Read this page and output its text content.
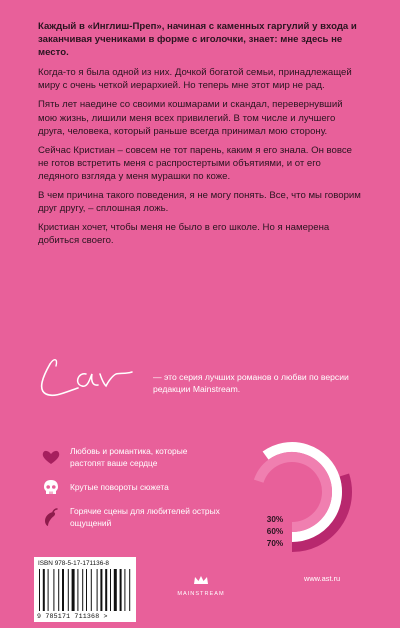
Каждый в «Инглиш-Преп», начиная с каменных гаргулий у входа и заканчивая учениками в форме с иголочки, знает: мне здесь не место.

Когда-то я была одной из них. Дочкой богатой семьи, принадлежащей миру с очень четкой иерархией. Но теперь мне этот мир не рад.

Пять лет наедине со своими кошмарами и скандал, перевернувший мою жизнь, лишили меня всех привилегий. В том числе и лучшего друга, человека, который раньше всегда принимал мою сторону.

Сейчас Кристиан – совсем не тот парень, каким я его знала. Он вовсе не готов встретить меня с распростертыми объятиями, и от его ледяного взгляда у меня мурашки по коже.

В чем причина такого поведения, я не могу понять. Все, что мы говорим друг другу, – сплошная ложь.

Кристиан хочет, чтобы меня не было в его школе. Но я намерена добиться своего.

— это серия лучших романов о любви по версии редакции Mainstream.
Любовь и романтика, которые растопят ваше сердце
Крутые повороты сюжета
Горячие сцены для любителей острых ощущений	30%
60%
70%
ISBN 978-5-17-171136-8
9 785171 711368 >
MAINSTREAM
www.ast.ru
